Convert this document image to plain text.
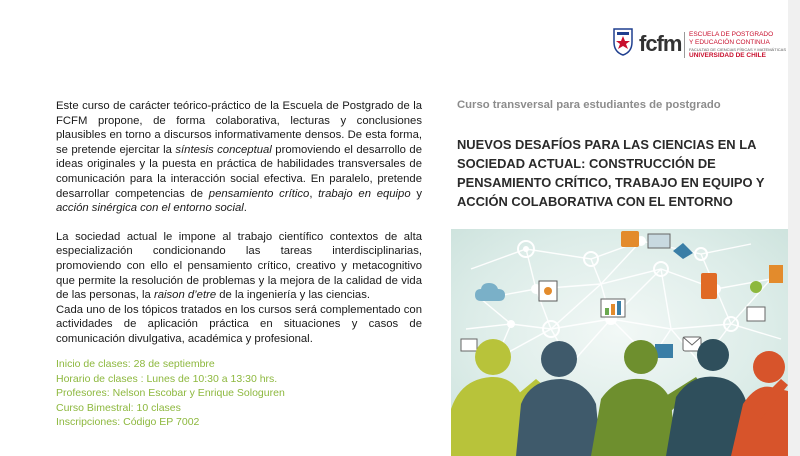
fcfm ESCUELA DE POSTGRADO
Y EDUCACIÓN CONTINUA
FACULTAD DE CIENCIAS FÍSICAS Y MATEMÁTICAS
UNIVERSIDAD DE CHILE

Este curso de carácter teórico-práctico de la Escuela de Postgrado de la FCFM propone, de forma colaborativa, lecturas y conclusiones plausibles en torno a discursos informativamente densos. De esta forma, se pretende ejercitar la síntesis conceptual promoviendo el desarrollo de ideas originales y la puesta en práctica de habilidades transversales de comunicación para la interacción social efectiva. En paralelo, pretende desarrollar competencias de pensamiento crítico, trabajo en equipo y acción sinérgica con el entorno social.

La sociedad actual le impone al trabajo científico contextos de alta especialización condicionando las tareas interdisciplinarias, promoviendo con ello el pensamiento crítico, creativo y metacognitivo que permite la resolución de problemas y la mejora de la calidad de vida de las personas, la raison d’etre de la ingeniería y las ciencias.

Cada uno de los tópicos tratados en los cursos será complementado con actividades de aplicación práctica en situaciones y casos de comunicación divulgativa, académica y profesional.

Inicio de clases: 28 de septiembre
Horario de clases : Lunes de 10:30 a 13:30 hrs.
Profesores: Nelson Escobar y Enrique Sologuren
Curso Bimestral: 10 clases
Inscripciones: Código EP 7002
Curso transversal para estudiantes de postgrado
NUEVOS DESAFÍOS PARA LAS CIENCIAS EN LA SOCIEDAD ACTUAL: CONSTRUCCIÓN DE PENSAMIENTO CRÍTICO, TRABAJO EN EQUIPO Y ACCIÓN COLABORATIVA CON EL ENTORNO
